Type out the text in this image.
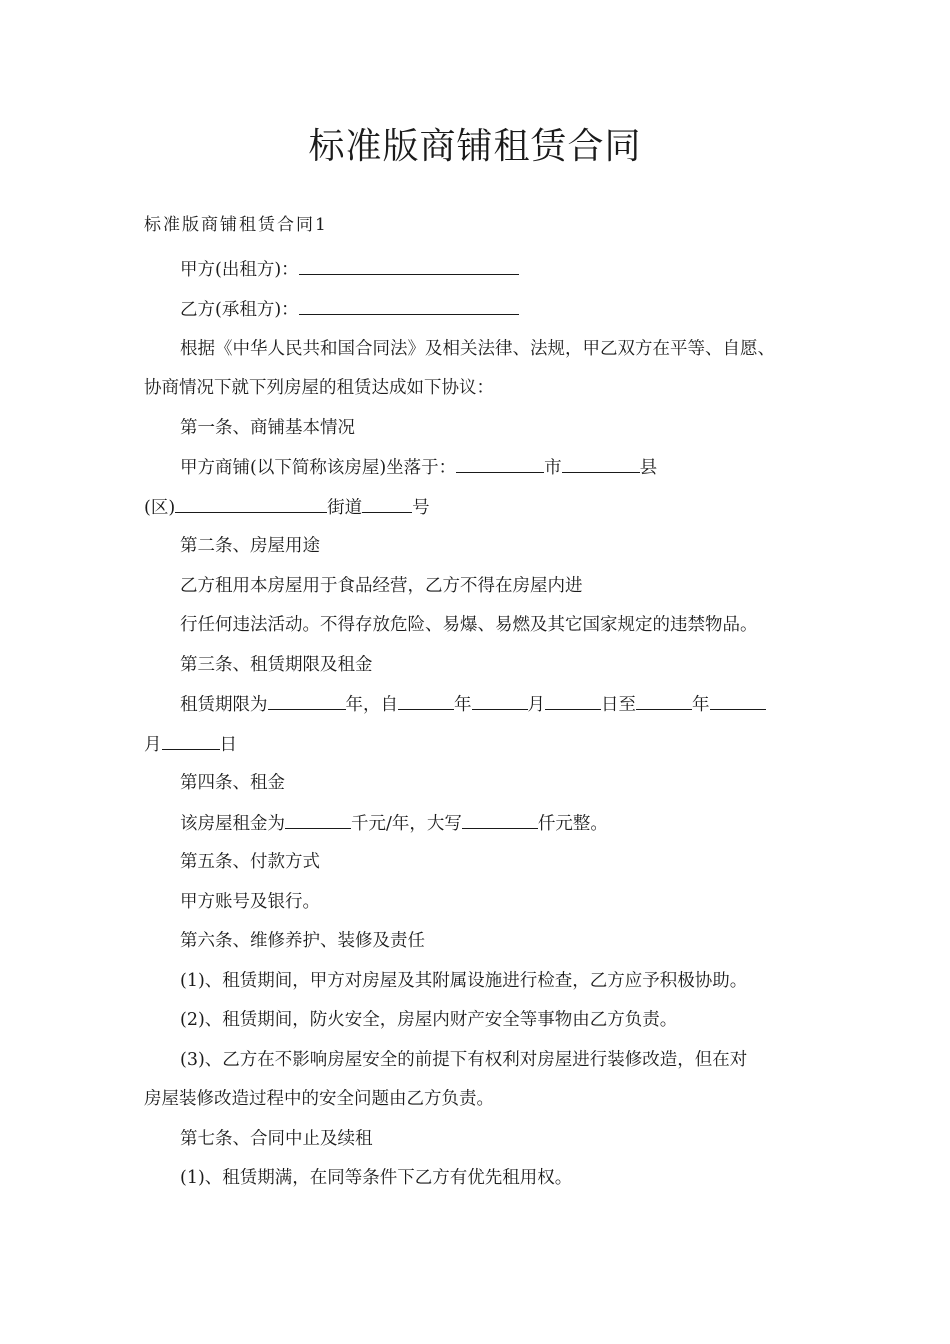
标准版商铺租赁合同
标准版商铺租赁合同1
甲方(出租方)：
乙方(承租方)：
根据《中华人民共和国合同法》及相关法律、法规，甲乙双方在平等、自愿、
协商情况下就下列房屋的租赁达成如下协议：
第一条、商铺基本情况
甲方商铺(以下简称该房屋)坐落于：	市	县
(区)	街道	号
第二条、房屋用途
乙方租用本房屋用于食品经营，乙方不得在房屋内进
行任何违法活动。不得存放危险、易爆、易燃及其它国家规定的违禁物品。
第三条、租赁期限及租金
租赁期限为	年，自	年	月	日至	年
月	日
第四条、租金
该房屋租金为	千元/年，大写	仟元整。
第五条、付款方式
甲方账号及银行。
第六条、维修养护、装修及责任
(1)、租赁期间，甲方对房屋及其附属设施进行检查，乙方应予积极协助。
(2)、租赁期间，防火安全，房屋内财产安全等事物由乙方负责。
(3)、乙方在不影响房屋安全的前提下有权利对房屋进行装修改造，但在对
房屋装修改造过程中的安全问题由乙方负责。
第七条、合同中止及续租
(1)、租赁期满，在同等条件下乙方有优先租用权。
